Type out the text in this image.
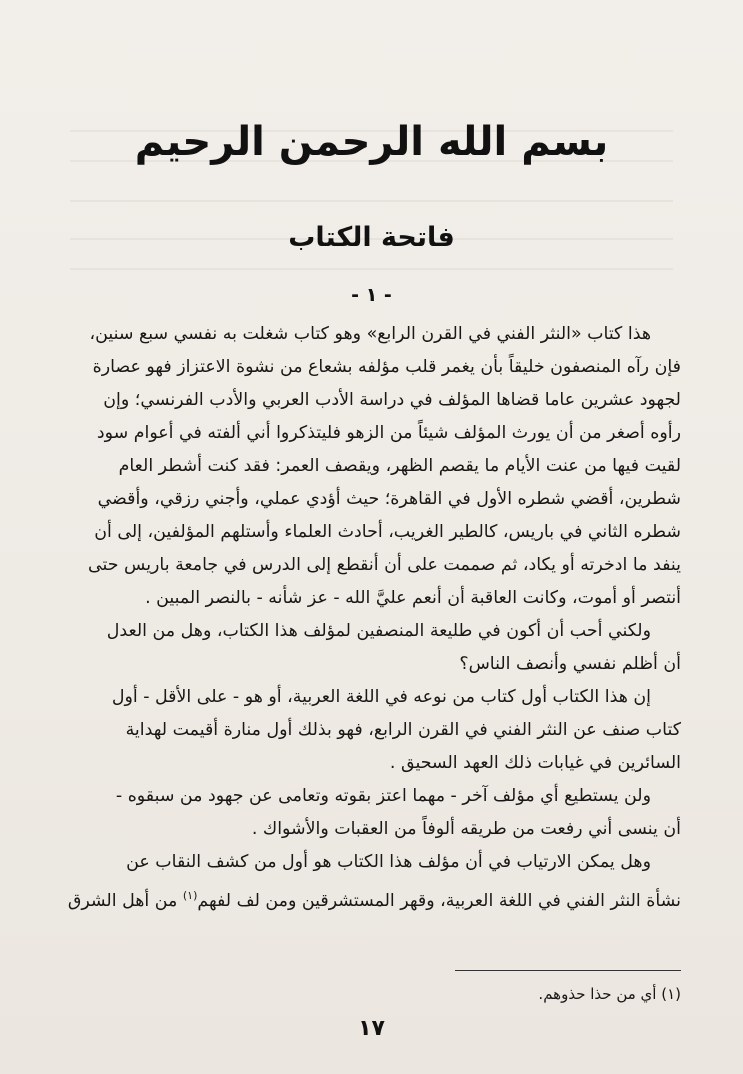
بسم الله الرحمن الرحيم
فاتحة الكتاب
- ١ -
هذا كتاب «النثر الفني في القرن الرابع» وهو كتاب شغلت به نفسي سبع سنين،
فإن رآه المنصفون خليقاً بأن يغمر قلب مؤلفه بشعاع من نشوة الاعتزاز فهو عصارة
لجهود عشرين عاما قضاها المؤلف في دراسة الأدب العربي والأدب الفرنسي؛ وإن
رأوه أصغر من أن يورث المؤلف شيئاً من الزهو فليتذكروا أني ألفته في أعوام سود
لقيت فيها من عنت الأيام ما يقصم الظهر، ويقصف العمر: فقد كنت أشطر العام
شطرين، أقضي شطره الأول في القاهرة؛ حيث أؤدي عملي، وأجني رزقي، وأقضي
شطره الثاني في باريس، كالطير الغريب، أحادث العلماء وأستلهم المؤلفين، إلى أن
ينفد ما ادخرته أو يكاد، ثم صممت على أن أنقطع إلى الدرس في جامعة باريس حتى
أنتصر أو أموت، وكانت العاقبة أن أنعم عليَّ الله - عز شأنه - بالنصر المبين .
ولكني أحب أن أكون في طليعة المنصفين لمؤلف هذا الكتاب، وهل من العدل
أن أظلم نفسي وأنصف الناس؟
إن هذا الكتاب أول كتاب من نوعه في اللغة العربية، أو هو - على الأقل - أول
كتاب صنف عن النثر الفني في القرن الرابع، فهو بذلك أول منارة أقيمت لهداية
السائرين في غيابات ذلك العهد السحيق .
ولن يستطيع أي مؤلف آخر - مهما اعتز بقوته وتعامى عن جهود من سبقوه -
أن ينسى أني رفعت من طريقه ألوفاً من العقبات والأشواك .
وهل يمكن الارتياب في أن مؤلف هذا الكتاب هو أول من كشف النقاب عن
نشأة النثر الفني في اللغة العربية، وقهر المستشرقين ومن لف لفهم$^{(١)}$ من أهل الشرق
(١) أي من حذا حذوهم.
١٧
